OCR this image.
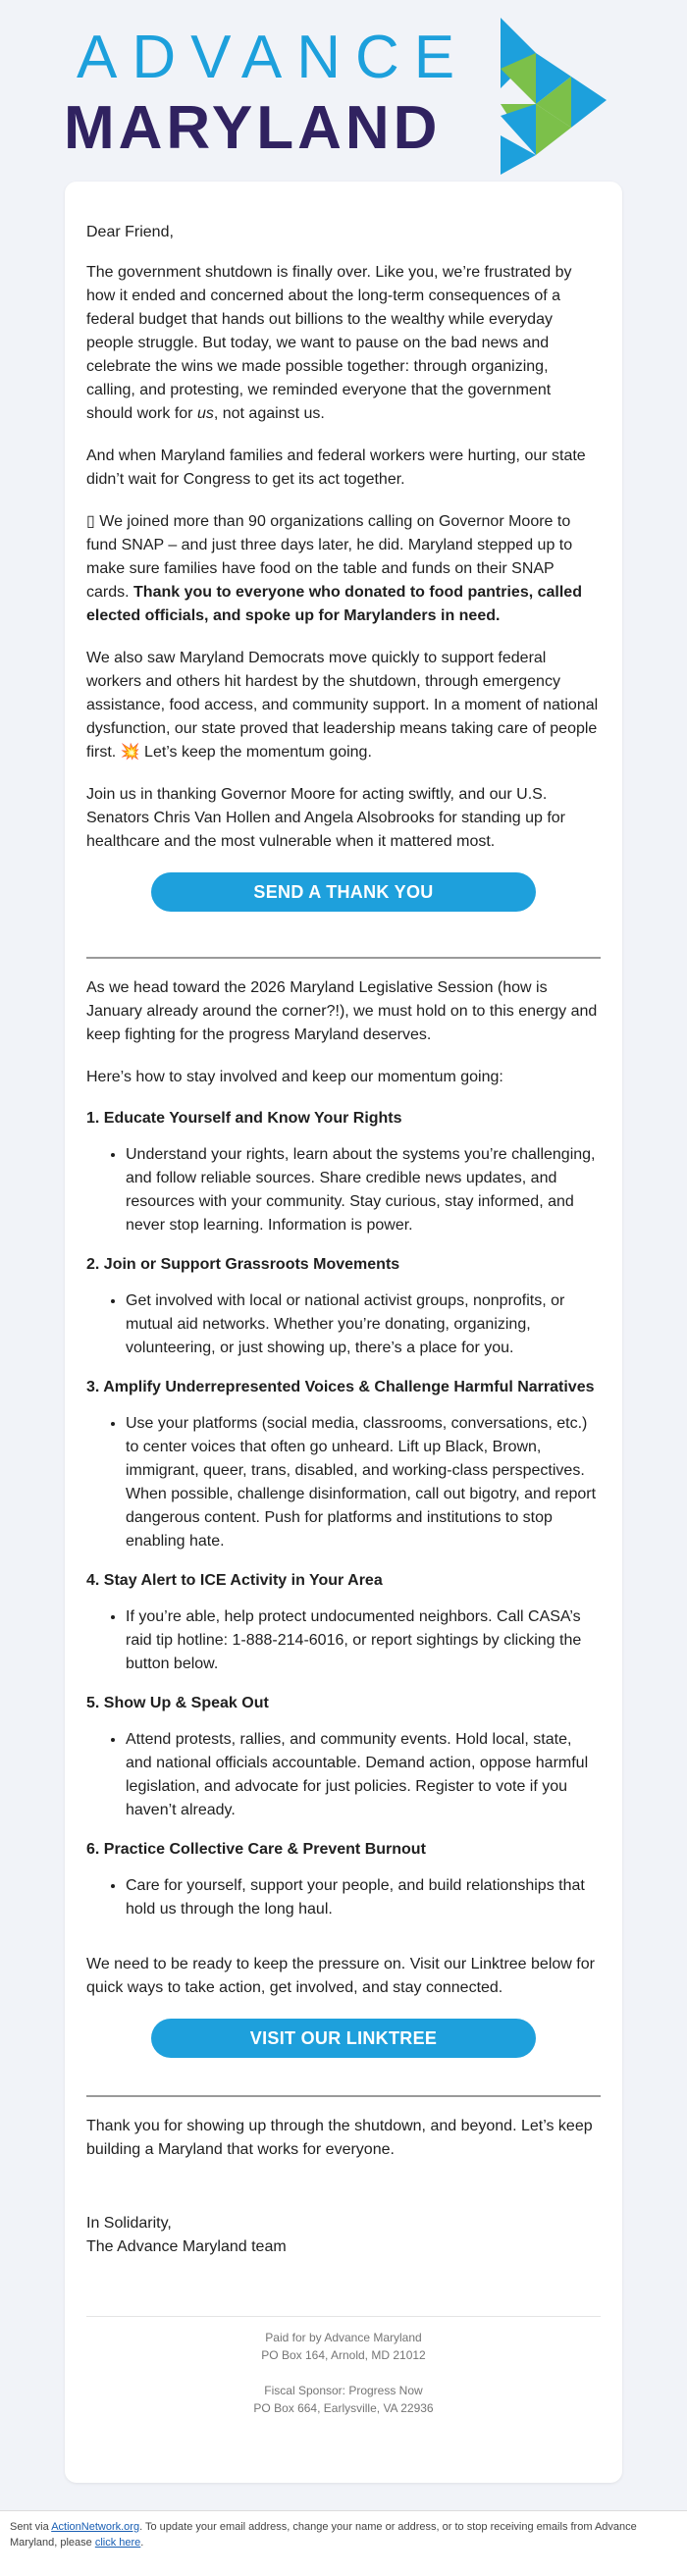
ADVANCE
MARYLAND

Dear Friend,

The government shutdown is finally over. Like you, we’re frustrated by how it ended and concerned about the long-term consequences of a federal budget that hands out billions to the wealthy while everyday people struggle. But today, we want to pause on the bad news and celebrate the wins we made possible together: through organizing, calling, and protesting, we reminded everyone that the government should work for us, not against us.

And when Maryland families and federal workers were hurting, our state didn’t wait for Congress to get its act together.

▯ We joined more than 90 organizations calling on Governor Moore to fund SNAP – and just three days later, he did. Maryland stepped up to make sure families have food on the table and funds on their SNAP cards. Thank you to everyone who donated to food pantries, called elected officials, and spoke up for Marylanders in need.

We also saw Maryland Democrats move quickly to support federal workers and others hit hardest by the shutdown, through emergency assistance, food access, and community support. In a moment of national dysfunction, our state proved that leadership means taking care of people first. 💥 Let’s keep the momentum going.

Join us in thanking Governor Moore for acting swiftly, and our U.S. Senators Chris Van Hollen and Angela Alsobrooks for standing up for healthcare and the most vulnerable when it mattered most.

SEND A THANK YOU

As we head toward the 2026 Maryland Legislative Session (how is January already around the corner?!), we must hold on to this energy and keep fighting for the progress Maryland deserves.

Here’s how to stay involved and keep our momentum going:

1. Educate Yourself and Know Your Rights
• Understand your rights, learn about the systems you’re challenging, and follow reliable sources. Share credible news updates, and resources with your community. Stay curious, stay informed, and never stop learning. Information is power.
2. Join or Support Grassroots Movements
• Get involved with local or national activist groups, nonprofits, or mutual aid networks. Whether you’re donating, organizing, volunteering, or just showing up, there’s a place for you.
3. Amplify Underrepresented Voices & Challenge Harmful Narratives
• Use your platforms (social media, classrooms, conversations, etc.) to center voices that often go unheard. Lift up Black, Brown, immigrant, queer, trans, disabled, and working-class perspectives. When possible, challenge disinformation, call out bigotry, and report dangerous content. Push for platforms and institutions to stop enabling hate.
4. Stay Alert to ICE Activity in Your Area
• If you’re able, help protect undocumented neighbors. Call CASA’s raid tip hotline: 1-888-214-6016, or report sightings by clicking the button below.
5. Show Up & Speak Out
• Attend protests, rallies, and community events. Hold local, state, and national officials accountable. Demand action, oppose harmful legislation, and advocate for just policies. Register to vote if you haven’t already.
6. Practice Collective Care & Prevent Burnout
• Care for yourself, support your people, and build relationships that hold us through the long haul.

We need to be ready to keep the pressure on. Visit our Linktree below for quick ways to take action, get involved, and stay connected.

VISIT OUR LINKTREE

Thank you for showing up through the shutdown, and beyond. Let’s keep building a Maryland that works for everyone.

In Solidarity,
The Advance Maryland team

Paid for by Advance Maryland

PO Box 164, Arnold, MD 21012

Fiscal Sponsor: Progress Now

PO Box 664, Earlysville, VA 22936

Sent via ActionNetwork.org. To update your email address, change your name or address, or to stop receiving emails from Advance Maryland, please click here.
